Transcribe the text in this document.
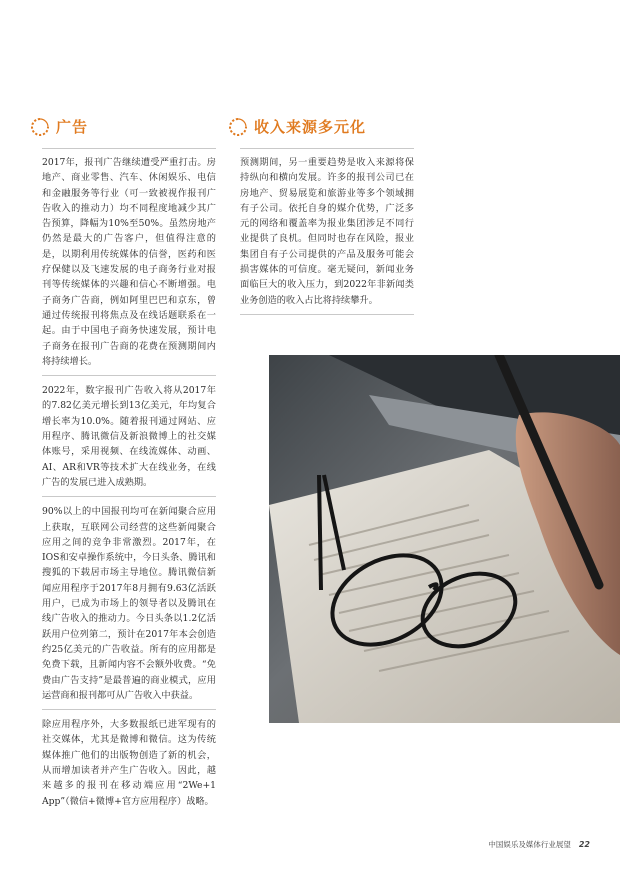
广告	收入来源多元化

2017年，报刊广告继续遭受严重打击。房地产、商业零售、汽车、休闲娱乐、电信和金融服务等行业（可一致被视作报刊广告收入的推动力）均不同程度地减少其广告预算，降幅为10%至50%。虽然房地产仍然是最大的广告客户，但值得注意的是，以期利用传统媒体的信誉，医药和医疗保健以及飞速发展的电子商务行业对报刊等传统媒体的兴趣和信心不断增强。电子商务广告商，例如阿里巴巴和京东，曾通过传统报刊将焦点及在线话题联系在一起。由于中国电子商务快速发展，预计电子商务在报刊广告商的花费在预测期间内将持续增长。

2022年，数字报刊广告收入将从2017年的7.82亿美元增长到13亿美元，年均复合增长率为10.0%。随着报刊通过网站、应用程序、腾讯微信及新浪微博上的社交媒体账号，采用视频、在线流媒体、动画、AI、AR和VR等技术扩大在线业务，在线广告的发展已进入成熟期。

90%以上的中国报刊均可在新闻聚合应用上获取，互联网公司经营的这些新闻聚合应用之间的竞争非常激烈。2017年，在IOS和安卓操作系统中，今日头条、腾讯和搜狐的下载居市场主导地位。腾讯微信新闻应用程序于2017年8月拥有9.63亿活跃用户，已成为市场上的领导者以及腾讯在线广告收入的推动力。今日头条以1.2亿活跃用户位列第二，预计在2017年本会创造约25亿美元的广告收益。所有的应用都是免费下载，且新闻内容不会额外收费。“免费由广告支持”是最普遍的商业模式，应用运营商和报刊都可从广告收入中获益。

除应用程序外，大多数报纸已进军现有的社交媒体，尤其是微博和微信。这为传统媒体推广他们的出版物创造了新的机会，从而增加读者并产生广告收入。因此，越来越多的报刊在移动端应用“2We+1 App”（微信+微博+官方应用程序）战略。

预测期间，另一重要趋势是收入来源将保持纵向和横向发展。许多的报刊公司已在房地产、贸易展览和旅游业等多个领域拥有子公司。依托自身的媒介优势，广泛多元的网络和覆盖率为报业集团涉足不同行业提供了良机。但同时也存在风险，报业集团自有子公司提供的产品及服务可能会损害媒体的可信度。毫无疑问，新闻业务面临巨大的收入压力，到2022年非新闻类业务创造的收入占比将持续攀升。

中国娱乐及媒体行业展望 22
